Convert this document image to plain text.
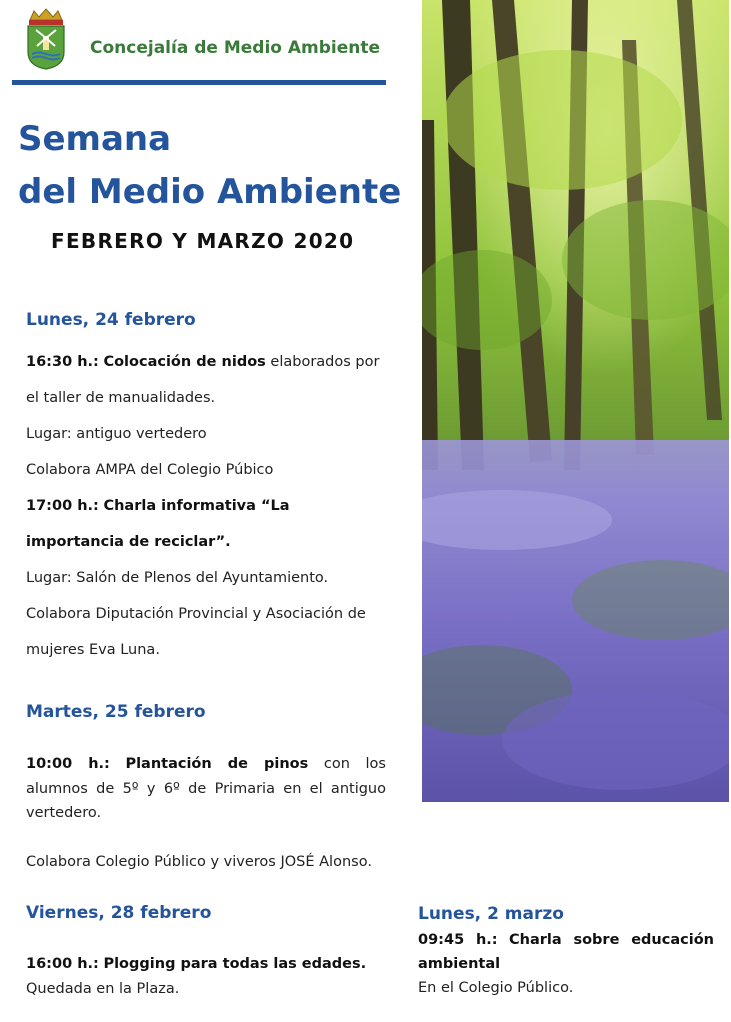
Concejalía de Medio Ambiente
Semana
del Medio Ambiente
FEBRERO Y MARZO 2020
Lunes, 24 febrero

16:30 h.: Colocación de nidos elaborados por el taller de manualidades.

Lugar: antiguo vertedero

Colabora AMPA del Colegio Púbico

17:00 h.: Charla informativa “La importancia de reciclar”.

Lugar: Salón de Plenos del Ayuntamiento.

Colabora Diputación Provincial y Asociación de mujeres Eva Luna.

Martes, 25 febrero

10:00 h.: Plantación de pinos con los alumnos de 5º y 6º de Primaria en el antiguo vertedero.

Colabora Colegio Público y viveros JOSÉ Alonso.

Viernes, 28 febrero

16:00 h.: Plogging para todas las edades.

Quedada en la Plaza.

Lunes, 2 marzo

09:45 h.: Charla sobre educación ambiental

En el Colegio Público.
